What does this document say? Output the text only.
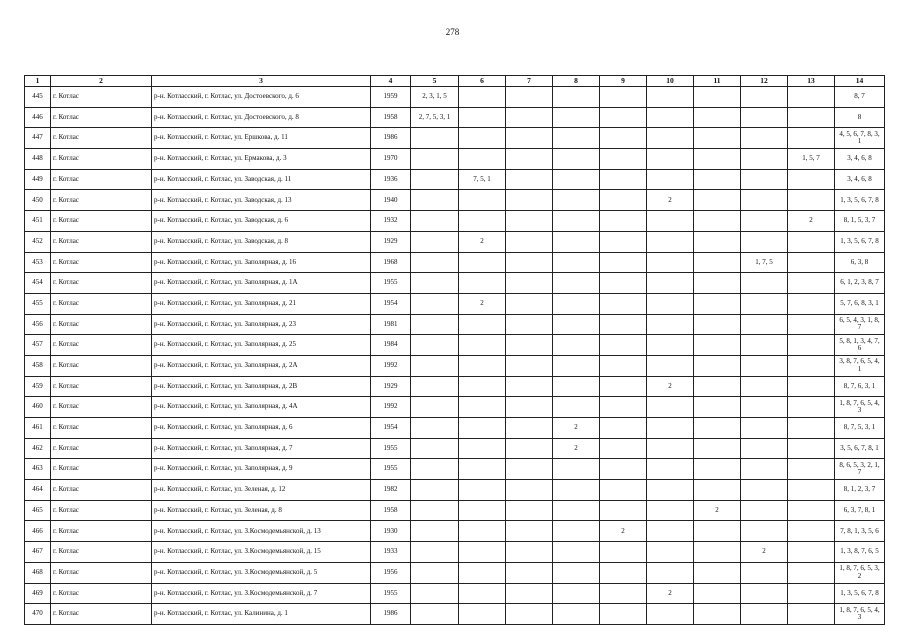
278
1	2	3	4	5	6	7	8	9	10	11	12	13	14
445	г. Котлас	р-н. Котласский, г. Котлас, ул. Достоевского, д. 6	1959	2, 3, 1, 5									8, 7
446	г. Котлас	р-н. Котласский, г. Котлас, ул. Достоевского, д. 8	1958	2, 7, 5, 3, 1									8
447	г. Котлас	р-н. Котласский, г. Котлас, ул. Ершкова, д. 11	1986										4, 5, 6, 7, 8, 3, 1
448	г. Котлас	р-н. Котласский, г. Котлас, ул. Ермакова, д. 3	1970									1, 5, 7	3, 4, 6, 8
449	г. Котлас	р-н. Котласский, г. Котлас, ул. Заводская, д. 11	1936		7, 5, 1								3, 4, 6, 8
450	г. Котлас	р-н. Котласский, г. Котлас, ул. Заводская, д. 13	1940						2				1, 3, 5, 6, 7, 8
451	г. Котлас	р-н. Котласский, г. Котлас, ул. Заводская, д. 6	1932									2	8, 1, 5, 3, 7
452	г. Котлас	р-н. Котласский, г. Котлас, ул. Заводская, д. 8	1929		2								1, 3, 5, 6, 7, 8
453	г. Котлас	р-н. Котласский, г. Котлас, ул. Заполярная, д. 16	1968								1, 7, 5		6, 3, 8
454	г. Котлас	р-н. Котласский, г. Котлас, ул. Заполярная, д. 1А	1955										6, 1, 2, 3, 8, 7
455	г. Котлас	р-н. Котласский, г. Котлас, ул. Заполярная, д. 21	1954		2								5, 7, 6, 8, 3, 1
456	г. Котлас	р-н. Котласский, г. Котлас, ул. Заполярная, д. 23	1981										6, 5, 4, 3, 1, 8, 7
457	г. Котлас	р-н. Котласский, г. Котлас, ул. Заполярная, д. 25	1984										5, 8, 1, 3, 4, 7, 6
458	г. Котлас	р-н. Котласский, г. Котлас, ул. Заполярная, д. 2А	1992										3, 8, 7, 6, 5, 4, 1
459	г. Котлас	р-н. Котласский, г. Котлас, ул. Заполярная, д. 2В	1929						2				8, 7, 6, 3, 1
460	г. Котлас	р-н. Котласский, г. Котлас, ул. Заполярная, д. 4А	1992										1, 8, 7, 6, 5, 4, 3
461	г. Котлас	р-н. Котласский, г. Котлас, ул. Заполярная, д. 6	1954				2						8, 7, 5, 3, 1
462	г. Котлас	р-н. Котласский, г. Котлас, ул. Заполярная, д. 7	1955				2						3, 5, 6, 7, 8, 1
463	г. Котлас	р-н. Котласский, г. Котлас, ул. Заполярная, д. 9	1955										8, 6, 5, 3, 2, 1, 7
464	г. Котлас	р-н. Котласский, г. Котлас, ул. Зеленая, д. 12	1982										8, 1, 2, 3, 7
465	г. Котлас	р-н. Котласский, г. Котлас, ул. Зеленая, д. 8	1958							2			6, 3, 7, 8, 1
466	г. Котлас	р-н. Котласский, г. Котлас, ул. З.Космодемьянской, д. 13	1930					2					7, 8, 1, 3, 5, 6
467	г. Котлас	р-н. Котласский, г. Котлас, ул. З.Космодемьянской, д. 15	1933								2		1, 3, 8, 7, 6, 5
468	г. Котлас	р-н. Котласский, г. Котлас, ул. З.Космодемьянской, д. 5	1956										1, 8, 7, 6, 5, 3, 2
469	г. Котлас	р-н. Котласский, г. Котлас, ул. З.Космодемьянской, д. 7	1955						2				1, 3, 5, 6, 7, 8
470	г. Котлас	р-н. Котласский, г. Котлас, ул. Калинина, д. 1	1986										1, 8, 7, 6, 5, 4, 3
